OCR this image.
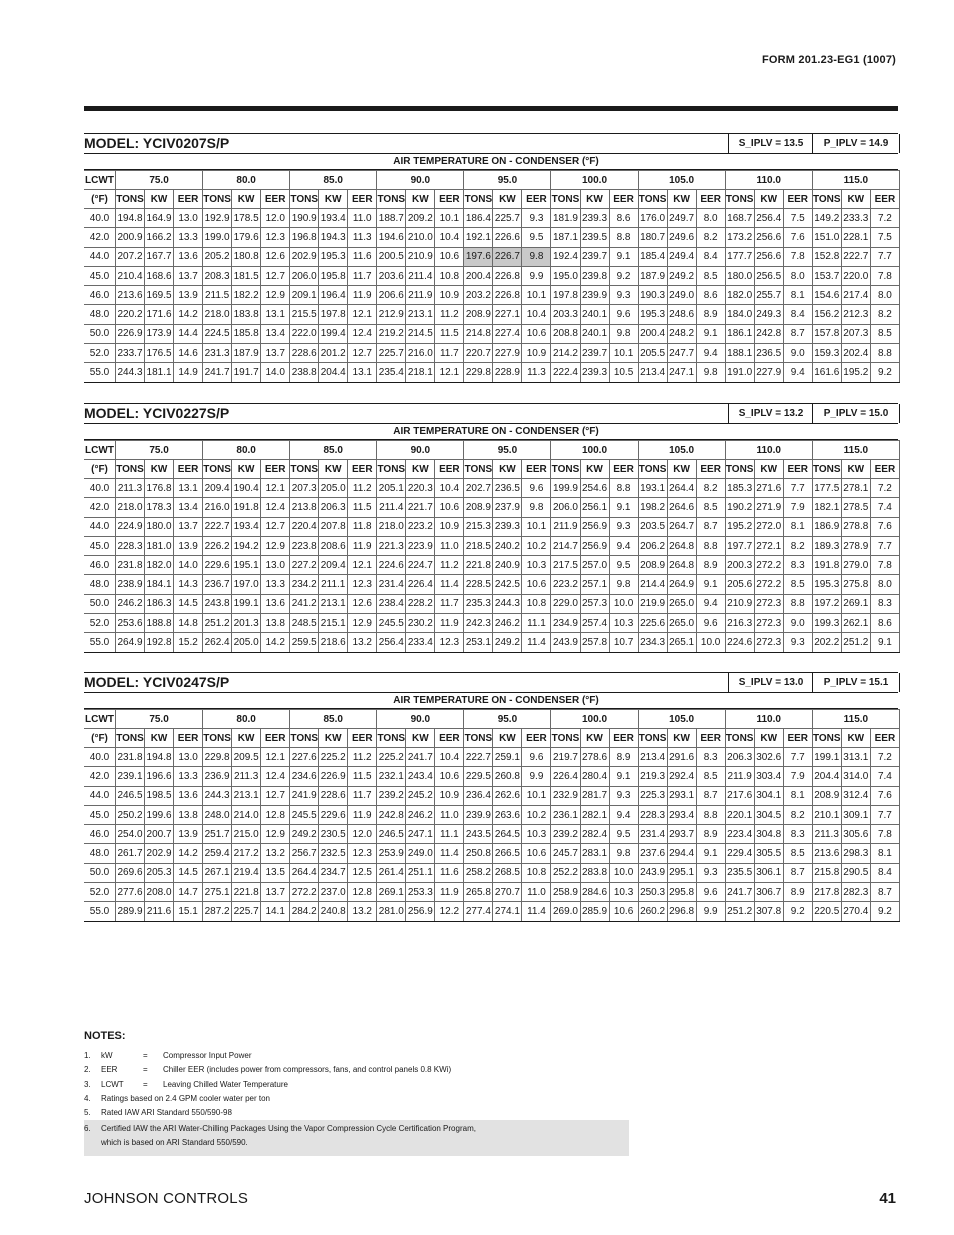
FORM 201.23-EG1 (1007)
MODEL: YCIV0207S/P	S_IPLV = 13.5	P_IPLV = 14.9
AIR TEMPERATURE ON - CONDENSER (°F)
LCWT	75.0			80.0			85.0			90.0			95.0			100.0			105.0			110.0			115.0		
(°F)	TONS	KW	EER	TONS	KW	EER	TONS	KW	EER	TONS	KW	EER	TONS	KW	EER	TONS	KW	EER	TONS	KW	EER	TONS	KW	EER	TONS	KW	EER
40.0	194.8	164.9	13.0	192.9	178.5	12.0	190.9	193.4	11.0	188.7	209.2	10.1	186.4	225.7	9.3	181.9	239.3	8.6	176.0	249.7	8.0	168.7	256.4	7.5	149.2	233.3	7.2
42.0	200.9	166.2	13.3	199.0	179.6	12.3	196.8	194.3	11.3	194.6	210.0	10.4	192.1	226.6	9.5	187.1	239.5	8.8	180.7	249.6	8.2	173.2	256.6	7.6	151.0	228.1	7.5
44.0	207.2	167.7	13.6	205.2	180.8	12.6	202.9	195.3	11.6	200.5	210.9	10.6	197.6	226.7	9.8	192.4	239.7	9.1	185.4	249.4	8.4	177.7	256.6	7.8	152.8	222.7	7.7
45.0	210.4	168.6	13.7	208.3	181.5	12.7	206.0	195.8	11.7	203.6	211.4	10.8	200.4	226.8	9.9	195.0	239.8	9.2	187.9	249.2	8.5	180.0	256.5	8.0	153.7	220.0	7.8
46.0	213.6	169.5	13.9	211.5	182.2	12.9	209.1	196.4	11.9	206.6	211.9	10.9	203.2	226.8	10.1	197.8	239.9	9.3	190.3	249.0	8.6	182.0	255.7	8.1	154.6	217.4	8.0
48.0	220.2	171.6	14.2	218.0	183.8	13.1	215.5	197.8	12.1	212.9	213.1	11.2	208.9	227.1	10.4	203.3	240.1	9.6	195.3	248.6	8.9	184.0	249.3	8.4	156.2	212.3	8.2
50.0	226.9	173.9	14.4	224.5	185.8	13.4	222.0	199.4	12.4	219.2	214.5	11.5	214.8	227.4	10.6	208.8	240.1	9.8	200.4	248.2	9.1	186.1	242.8	8.7	157.8	207.3	8.5
52.0	233.7	176.5	14.6	231.3	187.9	13.7	228.6	201.2	12.7	225.7	216.0	11.7	220.7	227.9	10.9	214.2	239.7	10.1	205.5	247.7	9.4	188.1	236.5	9.0	159.3	202.4	8.8
55.0	244.3	181.1	14.9	241.7	191.7	14.0	238.8	204.4	13.1	235.4	218.1	12.1	229.8	228.9	11.3	222.4	239.3	10.5	213.4	247.1	9.8	191.0	227.9	9.4	161.6	195.2	9.2
MODEL: YCIV0227S/P	S_IPLV = 13.2	P_IPLV = 15.0
AIR TEMPERATURE ON - CONDENSER (°F)
LCWT	75.0			80.0			85.0			90.0			95.0			100.0			105.0			110.0			115.0		
(°F)	TONS	KW	EER	TONS	KW	EER	TONS	KW	EER	TONS	KW	EER	TONS	KW	EER	TONS	KW	EER	TONS	KW	EER	TONS	KW	EER	TONS	KW	EER
40.0	211.3	176.8	13.1	209.4	190.4	12.1	207.3	205.0	11.2	205.1	220.3	10.4	202.7	236.5	9.6	199.9	254.6	8.8	193.1	264.4	8.2	185.3	271.6	7.7	177.5	278.1	7.2
42.0	218.0	178.3	13.4	216.0	191.8	12.4	213.8	206.3	11.5	211.4	221.7	10.6	208.9	237.9	9.8	206.0	256.1	9.1	198.2	264.6	8.5	190.2	271.9	7.9	182.1	278.5	7.4
44.0	224.9	180.0	13.7	222.7	193.4	12.7	220.4	207.8	11.8	218.0	223.2	10.9	215.3	239.3	10.1	211.9	256.9	9.3	203.5	264.7	8.7	195.2	272.0	8.1	186.9	278.8	7.6
45.0	228.3	181.0	13.9	226.2	194.2	12.9	223.8	208.6	11.9	221.3	223.9	11.0	218.5	240.2	10.2	214.7	256.9	9.4	206.2	264.8	8.8	197.7	272.1	8.2	189.3	278.9	7.7
46.0	231.8	182.0	14.0	229.6	195.1	13.0	227.2	209.4	12.1	224.6	224.7	11.2	221.8	240.9	10.3	217.5	257.0	9.5	208.9	264.8	8.9	200.3	272.2	8.3	191.8	279.0	7.8
48.0	238.9	184.1	14.3	236.7	197.0	13.3	234.2	211.1	12.3	231.4	226.4	11.4	228.5	242.5	10.6	223.2	257.1	9.8	214.4	264.9	9.1	205.6	272.2	8.5	195.3	275.8	8.0
50.0	246.2	186.3	14.5	243.8	199.1	13.6	241.2	213.1	12.6	238.4	228.2	11.7	235.3	244.3	10.8	229.0	257.3	10.0	219.9	265.0	9.4	210.9	272.3	8.8	197.2	269.1	8.3
52.0	253.6	188.8	14.8	251.2	201.3	13.8	248.5	215.1	12.9	245.5	230.2	11.9	242.3	246.2	11.1	234.9	257.4	10.3	225.6	265.0	9.6	216.3	272.3	9.0	199.3	262.1	8.6
55.0	264.9	192.8	15.2	262.4	205.0	14.2	259.5	218.6	13.2	256.4	233.4	12.3	253.1	249.2	11.4	243.9	257.8	10.7	234.3	265.1	10.0	224.6	272.3	9.3	202.2	251.2	9.1
MODEL: YCIV0247S/P	S_IPLV = 13.0	P_IPLV = 15.1
AIR TEMPERATURE ON - CONDENSER (°F)
LCWT	75.0			80.0			85.0			90.0			95.0			100.0			105.0			110.0			115.0		
(°F)	TONS	KW	EER	TONS	KW	EER	TONS	KW	EER	TONS	KW	EER	TONS	KW	EER	TONS	KW	EER	TONS	KW	EER	TONS	KW	EER	TONS	KW	EER
40.0	231.8	194.8	13.0	229.8	209.5	12.1	227.6	225.2	11.2	225.2	241.7	10.4	222.7	259.1	9.6	219.7	278.6	8.9	213.4	291.6	8.3	206.3	302.6	7.7	199.1	313.1	7.2
42.0	239.1	196.6	13.3	236.9	211.3	12.4	234.6	226.9	11.5	232.1	243.4	10.6	229.5	260.8	9.9	226.4	280.4	9.1	219.3	292.4	8.5	211.9	303.4	7.9	204.4	314.0	7.4
44.0	246.5	198.5	13.6	244.3	213.1	12.7	241.9	228.6	11.7	239.2	245.2	10.9	236.4	262.6	10.1	232.9	281.7	9.3	225.3	293.1	8.7	217.6	304.1	8.1	208.9	312.4	7.6
45.0	250.2	199.6	13.8	248.0	214.0	12.8	245.5	229.6	11.9	242.8	246.2	11.0	239.9	263.6	10.2	236.1	282.1	9.4	228.3	293.4	8.8	220.1	304.5	8.2	210.1	309.1	7.7
46.0	254.0	200.7	13.9	251.7	215.0	12.9	249.2	230.5	12.0	246.5	247.1	11.1	243.5	264.5	10.3	239.2	282.4	9.5	231.4	293.7	8.9	223.4	304.8	8.3	211.3	305.6	7.8
48.0	261.7	202.9	14.2	259.4	217.2	13.2	256.7	232.5	12.3	253.9	249.0	11.4	250.8	266.5	10.6	245.7	283.1	9.8	237.6	294.4	9.1	229.4	305.5	8.5	213.6	298.3	8.1
50.0	269.6	205.3	14.5	267.1	219.4	13.5	264.4	234.7	12.5	261.4	251.1	11.6	258.2	268.5	10.8	252.2	283.8	10.0	243.9	295.1	9.3	235.5	306.1	8.7	215.8	290.5	8.4
52.0	277.6	208.0	14.7	275.1	221.8	13.7	272.2	237.0	12.8	269.1	253.3	11.9	265.8	270.7	11.0	258.9	284.6	10.3	250.3	295.8	9.6	241.7	306.7	8.9	217.8	282.3	8.7
55.0	289.9	211.6	15.1	287.2	225.7	14.1	284.2	240.8	13.2	281.0	256.9	12.2	277.4	274.1	11.4	269.0	285.9	10.6	260.2	296.8	9.9	251.2	307.8	9.2	220.5	270.4	9.2
NOTES:
1.	kW	=	Compressor Input Power
2.	EER	=	Chiller EER (includes power from compressors, fans, and control panels 0.8 KWi)
3.	LCWT	=	Leaving Chilled Water Temperature
4.	Ratings based on 2.4 GPM cooler water per ton
5.	Rated IAW ARI Standard 550/590-98
6.	Certified IAW the ARI Water-Chilling Packages Using the Vapor Compression Cycle Certification Program,
which is based on ARI Standard 550/590.
JOHNSON CONTROLS	41
